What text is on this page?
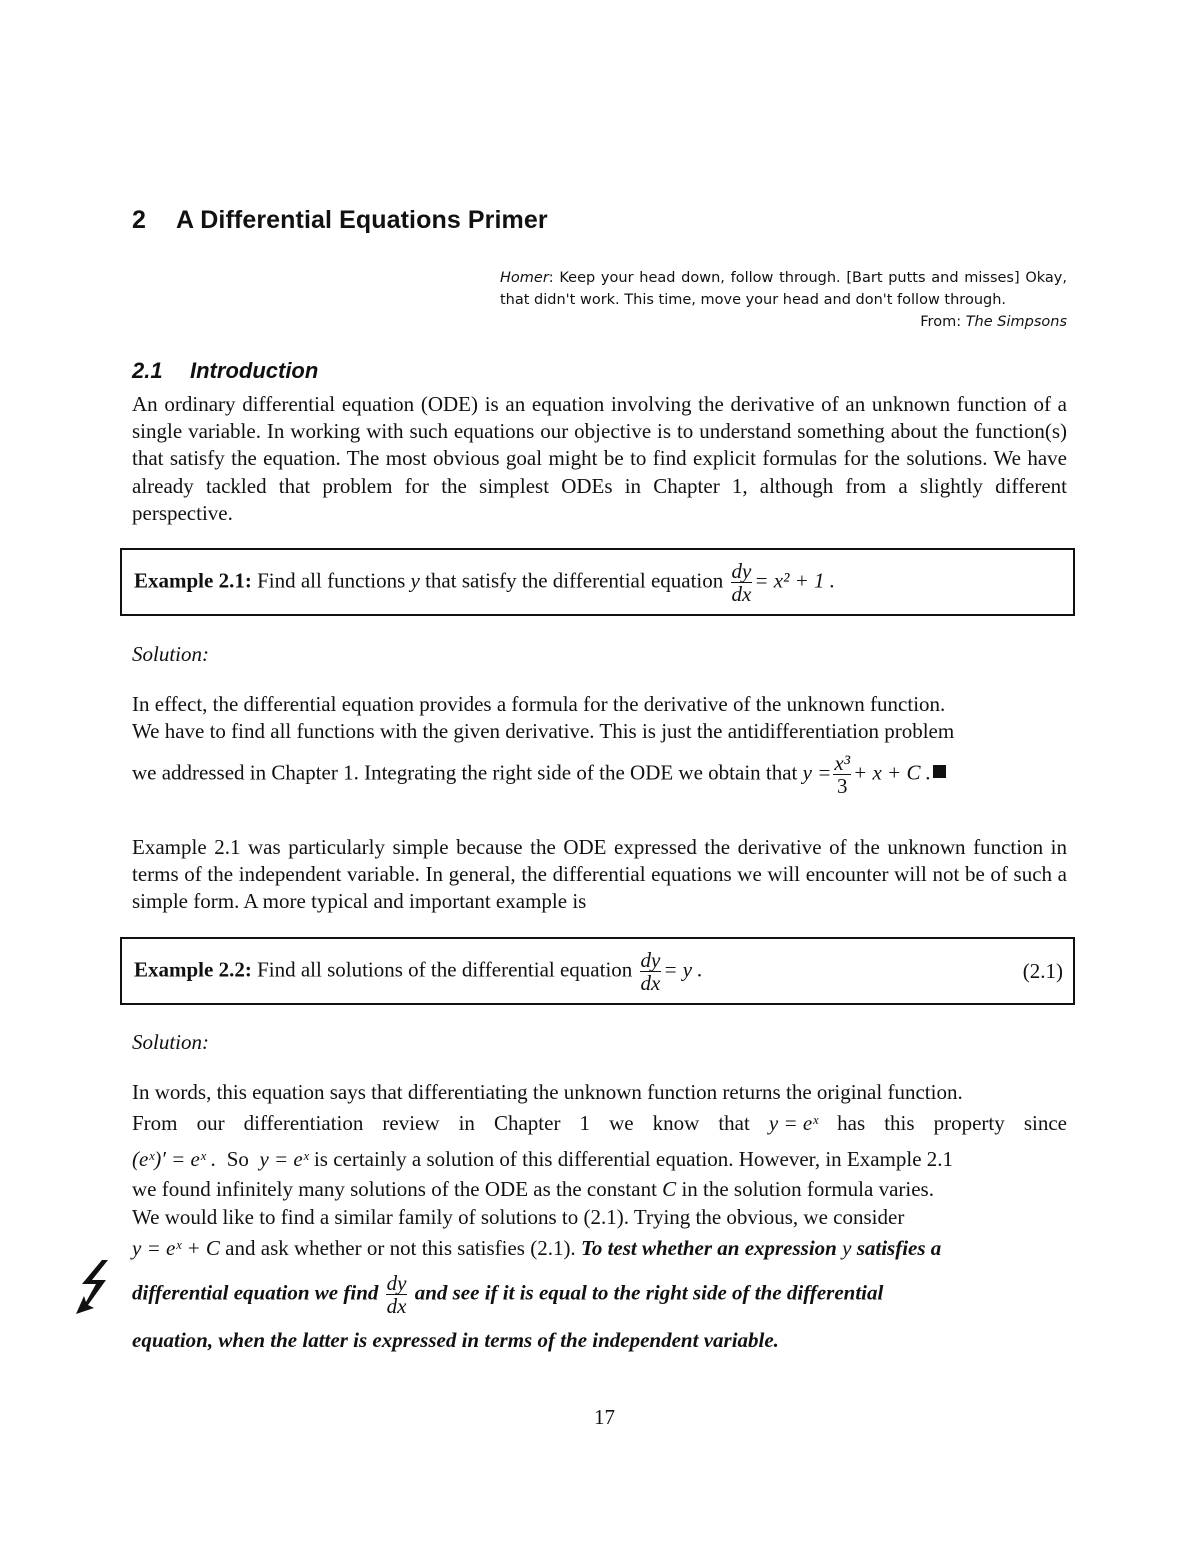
2 A Differential Equations Primer
Homer: Keep your head down, follow through. [Bart putts and misses] Okay, that didn't work. This time, move your head and don't follow through.
From: The Simpsons
2.1 Introduction

An ordinary differential equation (ODE) is an equation involving the derivative of an unknown function of a single variable. In working with such equations our objective is to understand something about the function(s) that satisfy the equation. The most obvious goal might be to find explicit formulas for the solutions. We have already tackled that problem for the simplest ODEs in Chapter 1, although from a slightly different perspective.

Example 2.1: Find all functions y that satisfy the differential equation $\frac{dy}{dx} = x^2 + 1$ .
Solution:
In effect, the differential equation provides a formula for the derivative of the unknown function.
We have to find all functions with the given derivative. This is just the antidifferentiation problem
we addressed in Chapter 1. Integrating the right side of the ODE we obtain that $y = \frac{\text{x³}}{3} + x + C$ .

Example 2.1 was particularly simple because the ODE expressed the derivative of the unknown function in terms of the independent variable. In general, the differential equations we will encounter will not be of such a simple form. A more typical and important example is

Example 2.2: Find all solutions of the differential equation $\frac{dy}{dx} = y$ .	(2.1)
Solution:
In words, this equation says that differentiating the unknown function returns the original function.
From our differentiation review in Chapter 1 we know that y = eˣ has this property since
(eˣ)′ = eˣ .  So  y = eˣ is certainly a solution of this differential equation. However, in Example 2.1
we found infinitely many solutions of the ODE as the constant C in the solution formula varies.
We would like to find a similar family of solutions to (2.1). Trying the obvious, we consider
y = eˣ + C and ask whether or not this satisfies (2.1). To test whether an expression y satisfies a
differential equation we find $\frac{dy}{dx}$ and see if it is equal to the right side of the differential
equation, when the latter is expressed in terms of the independent variable.
17
